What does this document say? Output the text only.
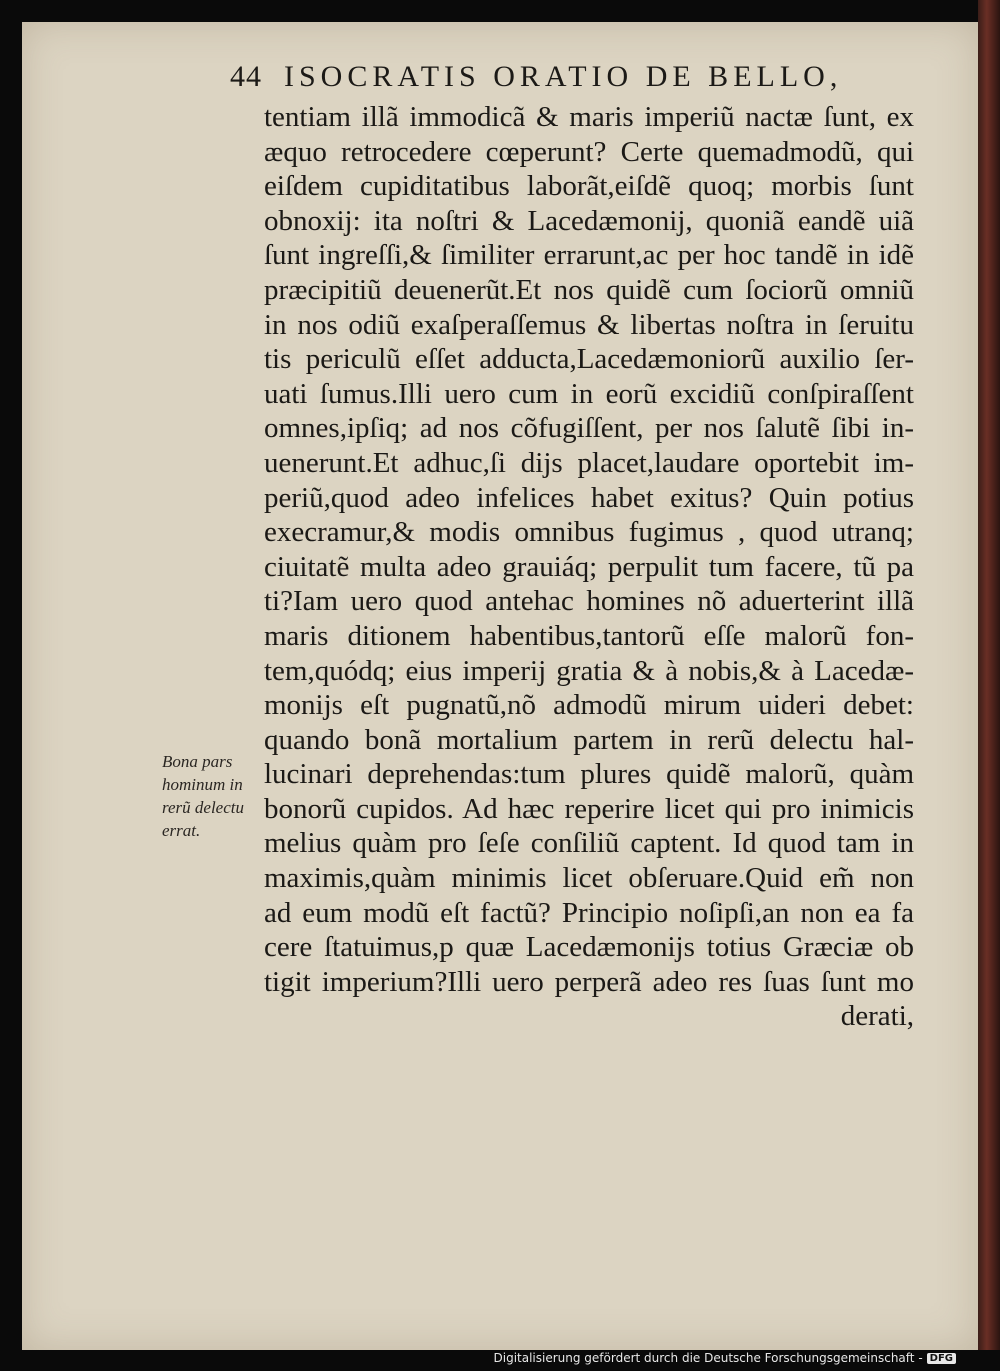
44 ISOCRATIS ORATIO DE BELLO,
tentiam illã immodicã & maris imperiũ nactæ ſunt, ex
æquo retrocedere cœperunt? Certe quemadmodũ, qui
eiſdem cupiditatibus laborãt,eiſdẽ quoq; morbis ſunt
obnoxij: ita noſtri & Lacedæmonij, quoniã eandẽ uiã
ſunt ingreſſi,& ſimiliter errarunt,ac per hoc tandẽ in idẽ
præcipitiũ deuenerũt.Et nos quidẽ cum ſociorũ omniũ
in nos odiũ exaſperaſſemus & libertas noſtra in ſeruitu
tis periculũ eſſet adducta,Lacedæmoniorũ auxilio ſer-
uati ſumus.Illi uero cum in eorũ excidiũ conſpiraſſent
omnes,ipſiq; ad nos cõfugiſſent, per nos ſalutẽ ſibi in-
uenerunt.Et adhuc,ſi dijs placet,laudare oportebit im-
periũ,quod adeo infelices habet exitus? Quin potius
execramur,& modis omnibus fugimus , quod utranq;
ciuitatẽ multa adeo grauiáq; perpulit tum facere, tũ pa
ti?Iam uero quod antehac homines nõ aduerterint illã
maris ditionem habentibus,tantorũ eſſe malorũ fon-
tem,quódq; eius imperij gratia & à nobis,& à Lacedæ-
monijs eſt pugnatũ,nõ admodũ mirum uideri debet:
quando bonã mortalium partem in rerũ delectu hal-
lucinari deprehendas:tum plures quidẽ malorũ, quàm
bonorũ cupidos. Ad hæc reperire licet qui pro inimicis
melius quàm pro ſeſe conſiliũ captent. Id quod tam in
maximis,quàm minimis licet obſeruare.Quid em̃ non
ad eum modũ eſt factũ? Principio noſipſi,an non ea fa
cere ſtatuimus,p quæ Lacedæmonijs totius Græciæ ob
tigit imperium?Illi uero perperã adeo res ſuas ſunt mo
derati,
Bona pars
hominum in
rerũ delectu
errat.
Digitalisierung gefördert durch die Deutsche Forschungsgemeinschaft - DFG
